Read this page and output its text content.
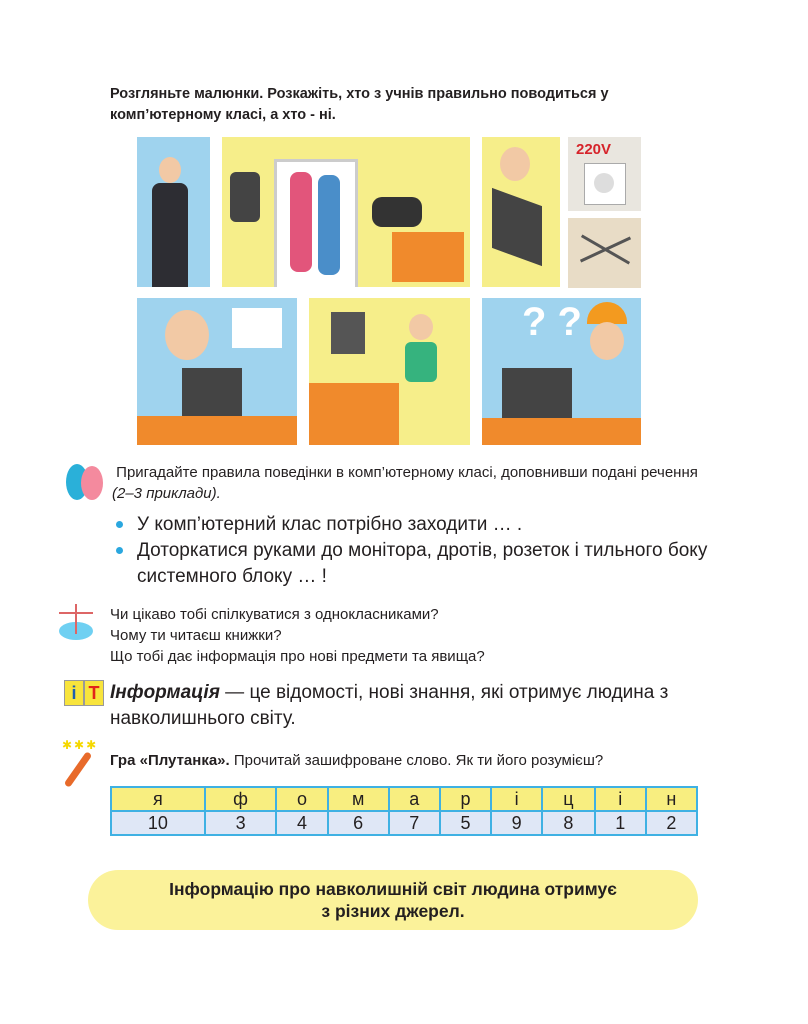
Розгляньте малюнки. Розкажіть, хто з учнів правильно поводиться у комп’ютерному класі, а хто - ні.
220V
? ?
Пригадайте правила поведінки в комп’ютерному класі, доповнивши подані речення (2–3 приклади).
У комп’ютерний клас потрібно заходити … .
Доторкатися руками до монітора, дротів, розеток і тильного боку системного блоку … !
Чи цікаво тобі спілкуватися з однокласниками?
Чому ти читаєш книжки?
Що тобі дає інформація про нові предмети та явища?
і Т Інформація — це відомості, нові знання, які отримує людина з навколишнього світу.
✱✱✱
Гра «Плутанка». Прочитай зашифроване слово. Як ти його розумієш?
я	ф	о	м	а	р	і	ц	і	н
10	3	4	6	7	5	9	8	1	2
Інформацію про навколишній світ людина отримує
з різних джерел.
